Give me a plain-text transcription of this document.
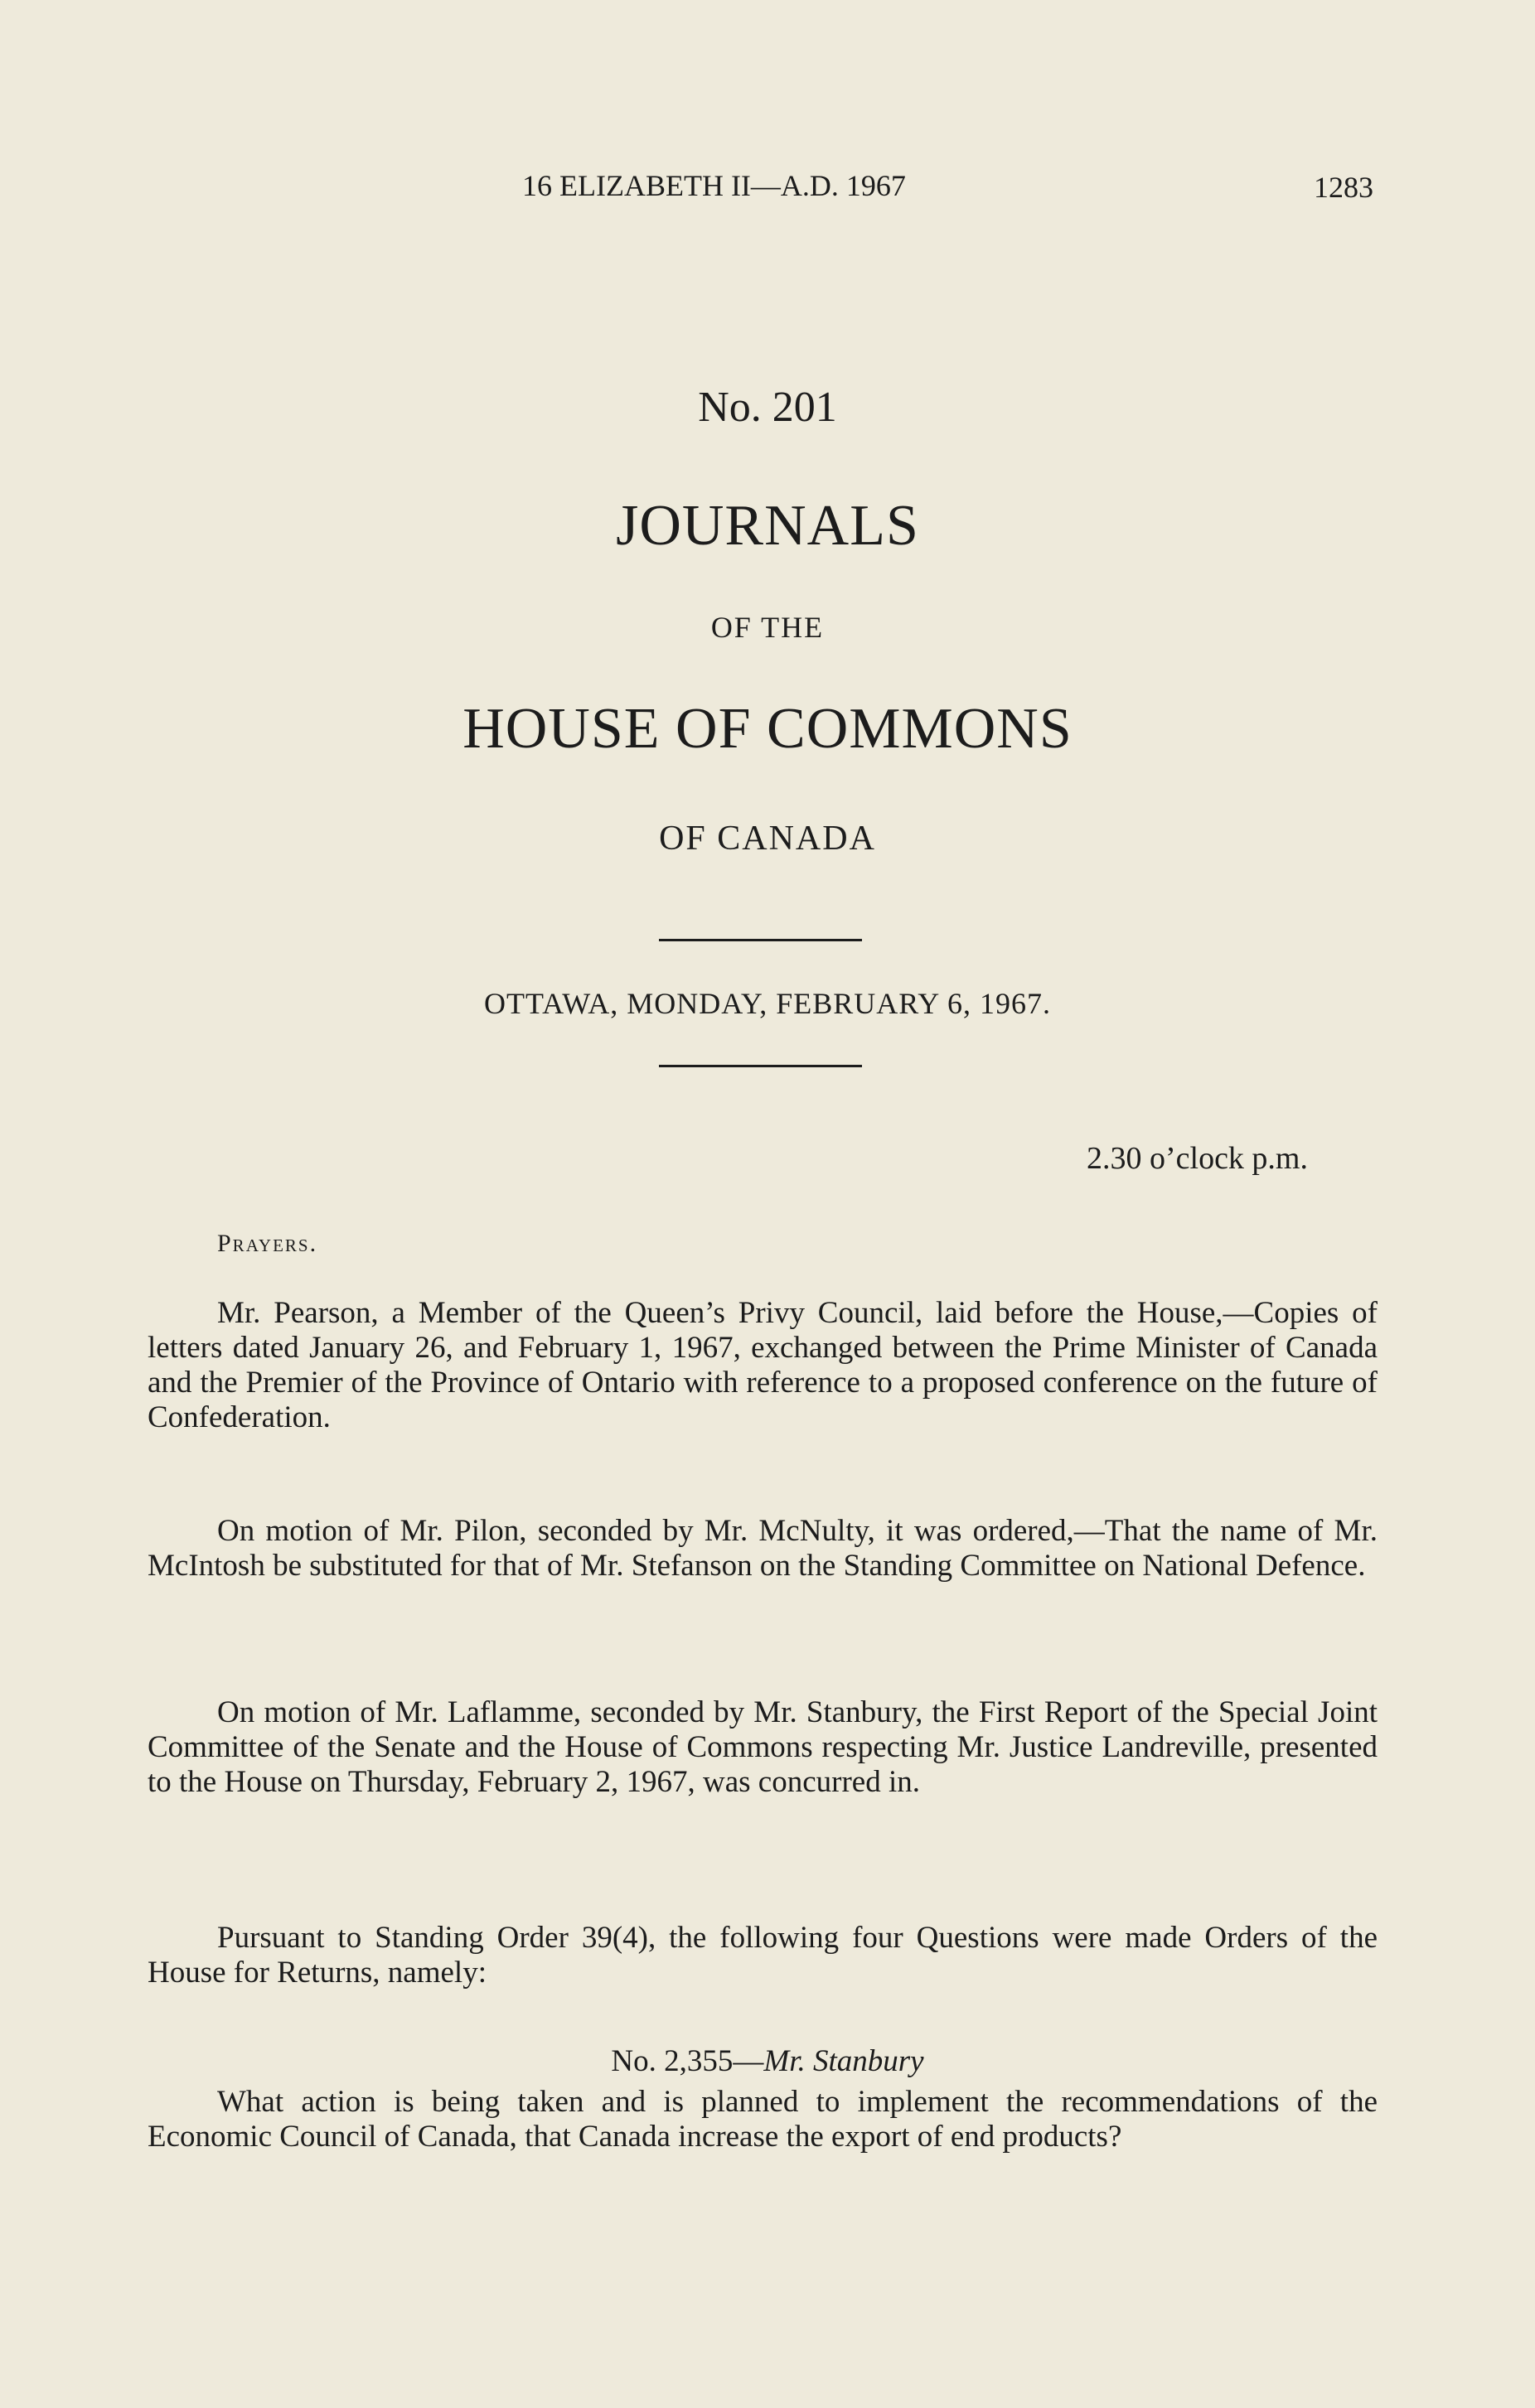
16 ELIZABETH II—A.D. 1967	1283
No. 201
JOURNALS
OF THE
HOUSE OF COMMONS
OF CANADA
OTTAWA, MONDAY, FEBRUARY 6, 1967.
2.30 o’clock p.m.
Prayers.

Mr. Pearson, a Member of the Queen’s Privy Council, laid before the House,—Copies of letters dated January 26, and February 1, 1967, exchanged between the Prime Minister of Canada and the Premier of the Province of Ontario with reference to a proposed conference on the future of Confederation.

On motion of Mr. Pilon, seconded by Mr. McNulty, it was ordered,—That the name of Mr. McIntosh be substituted for that of Mr. Stefanson on the Standing Committee on National Defence.

On motion of Mr. Laflamme, seconded by Mr. Stanbury, the First Report of the Special Joint Committee of the Senate and the House of Commons respecting Mr. Justice Landreville, presented to the House on Thursday, February 2, 1967, was concurred in.

Pursuant to Standing Order 39(4), the following four Questions were made Orders of the House for Returns, namely:

No. 2,355—Mr. Stanbury

What action is being taken and is planned to implement the recommendations of the Economic Council of Canada, that Canada increase the export of end products?
